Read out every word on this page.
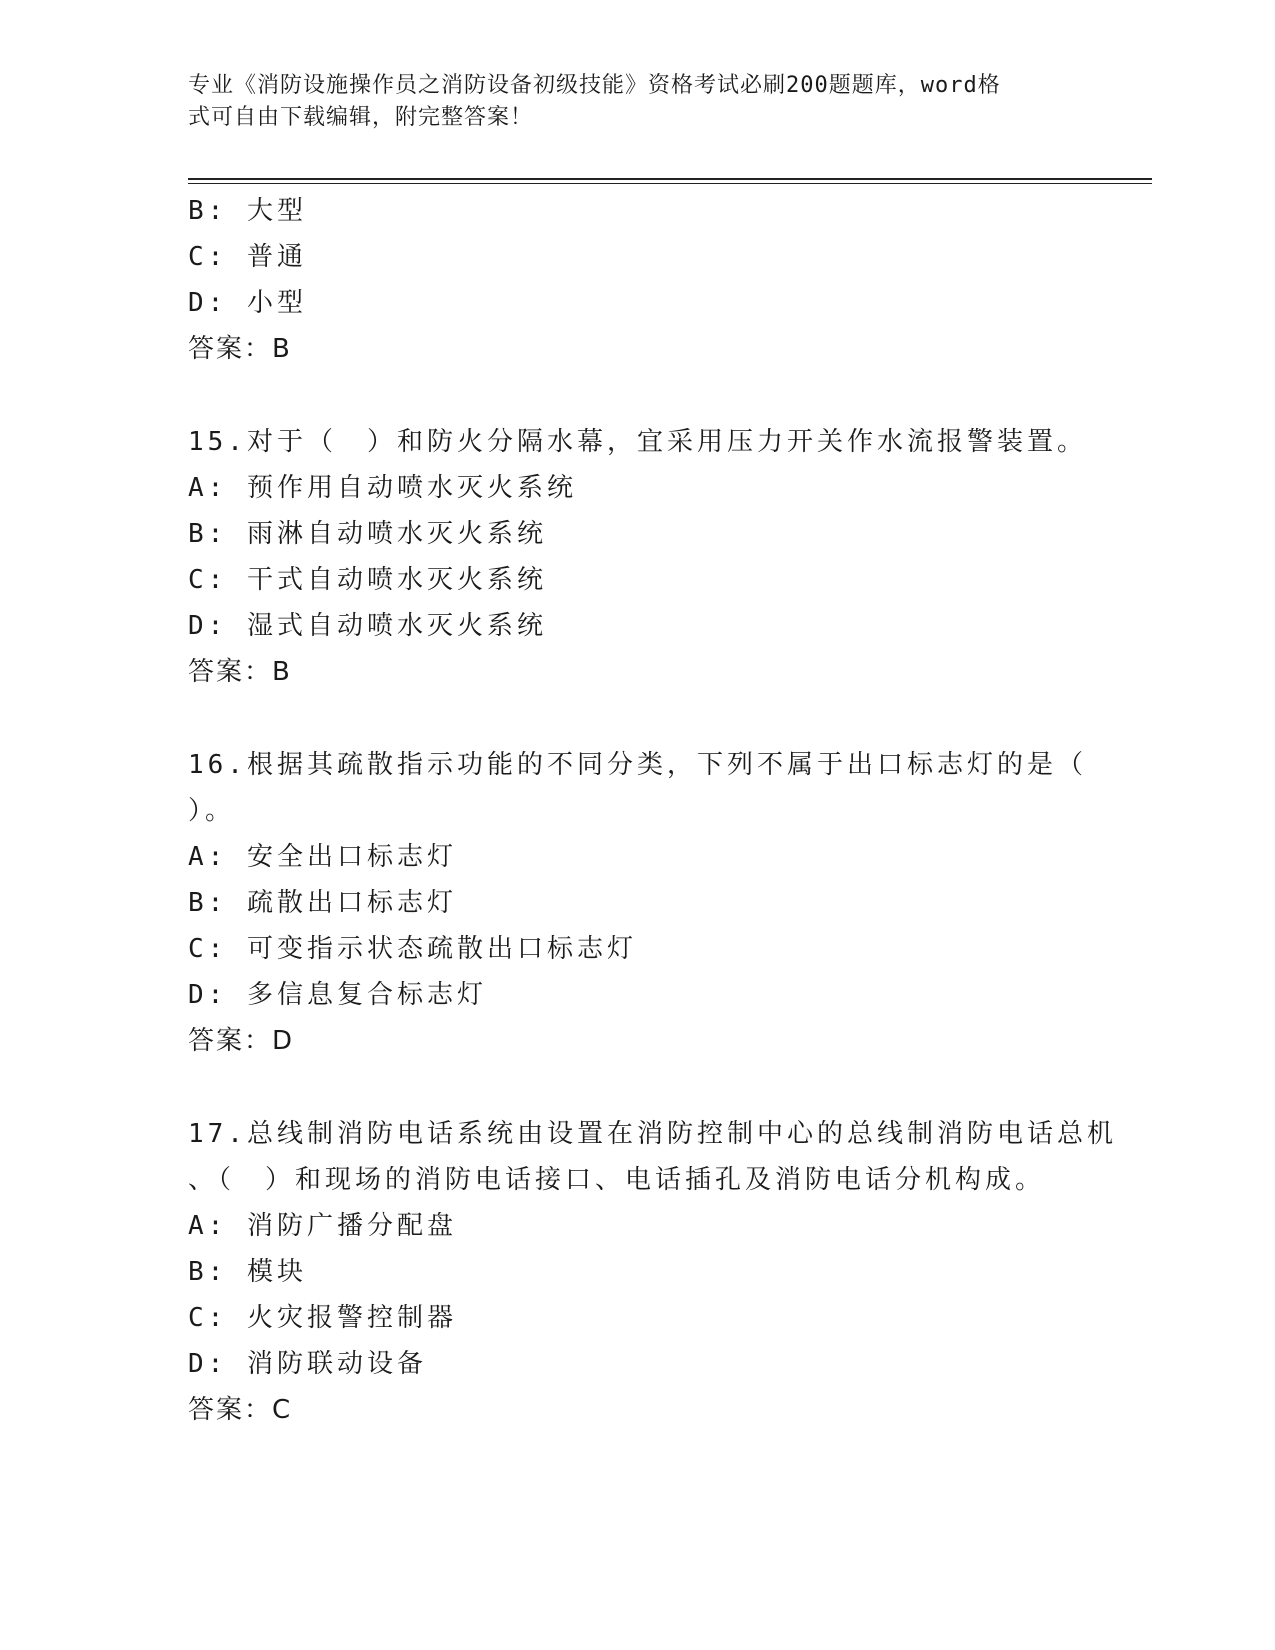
专业《消防设施操作员之消防设备初级技能》资格考试必刷200题题库，word格
式可自由下载编辑，附完整答案！
B: 大型
C: 普通
D: 小型
答案：B
15.对于（　）和防火分隔水幕，宜采用压力开关作水流报警装置。
A: 预作用自动喷水灭火系统
B: 雨淋自动喷水灭火系统
C: 干式自动喷水灭火系统
D: 湿式自动喷水灭火系统
答案：B
16.根据其疏散指示功能的不同分类，下列不属于出口标志灯的是（
）。
A: 安全出口标志灯
B: 疏散出口标志灯
C: 可变指示状态疏散出口标志灯
D: 多信息复合标志灯
答案：D
17.总线制消防电话系统由设置在消防控制中心的总线制消防电话总机
、（　）和现场的消防电话接口、电话插孔及消防电话分机构成。
A: 消防广播分配盘
B: 模块
C: 火灾报警控制器
D: 消防联动设备
答案：C
